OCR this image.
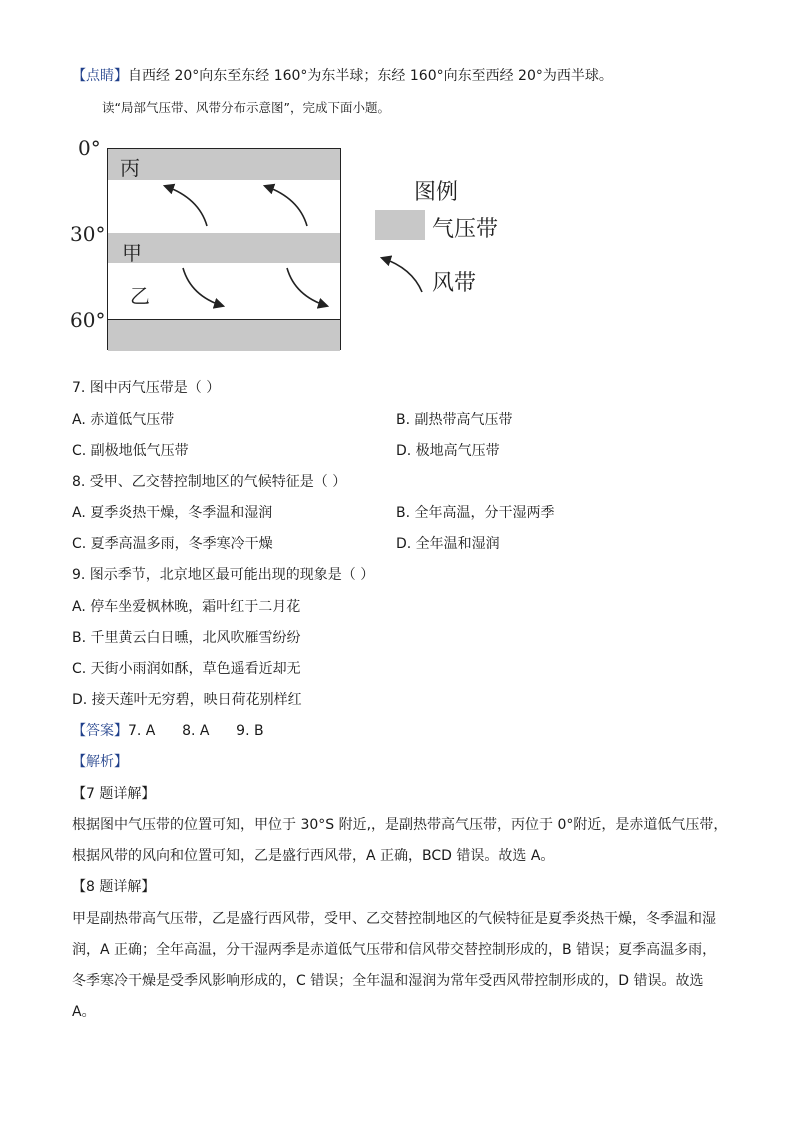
【点睛】自西经 20°向东至东经 160°为东半球；东经 160°向东至西经 20°为西半球。
读“局部气压带、风带分布示意图”，完成下面小题。
0°
30°
60°
丙
甲
乙
图例
气压带
风带
7. 图中丙气压带是（ ）
A. 赤道低气压带	B. 副热带高气压带
C. 副极地低气压带	D. 极地高气压带
8. 受甲、乙交替控制地区的气候特征是（ ）
A. 夏季炎热干燥，冬季温和湿润	B. 全年高温，分干湿两季
C. 夏季高温多雨，冬季寒冷干燥	D. 全年温和湿润
9. 图示季节，北京地区最可能出现的现象是（ ）
A. 停车坐爱枫林晚，霜叶红于二月花
B. 千里黄云白日曛，北风吹雁雪纷纷
C. 天街小雨润如酥，草色遥看近却无
D. 接天莲叶无穷碧，映日荷花别样红
【答案】7. A      8. A      9. B
【解析】
【7 题详解】
根据图中气压带的位置可知，甲位于 30°S 附近,，是副热带高气压带，丙位于 0°附近，是赤道低气压带，
根据风带的风向和位置可知，乙是盛行西风带，A 正确，BCD 错误。故选 A。
【8 题详解】
甲是副热带高气压带，乙是盛行西风带，受甲、乙交替控制地区的气候特征是夏季炎热干燥，冬季温和湿
润，A 正确；全年高温，分干湿两季是赤道低气压带和信风带交替控制形成的，B 错误；夏季高温多雨，
冬季寒冷干燥是受季风影响形成的，C 错误；全年温和湿润为常年受西风带控制形成的，D 错误。故选
A。
